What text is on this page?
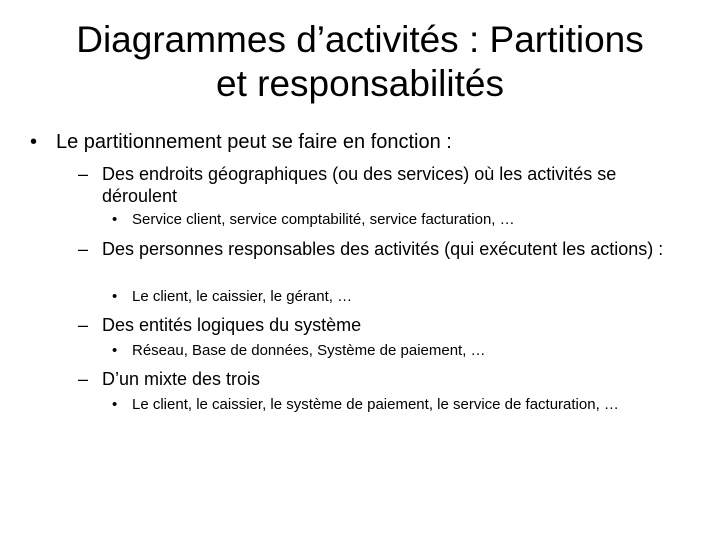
Diagrammes d’activités : Partitions
et responsabilités

• Le partitionnement peut se faire en fonction :

– Des endroits géographiques (ou des services) où les activités se déroulent

• Service client, service comptabilité, service facturation, …

– Des personnes responsables des activités (qui exécutent les actions) :

• Le client, le caissier, le gérant, …

– Des entités logiques du système

• Réseau, Base de données, Système de paiement, …

– D’un mixte des trois

• Le client, le caissier, le système de paiement, le service de facturation, …
